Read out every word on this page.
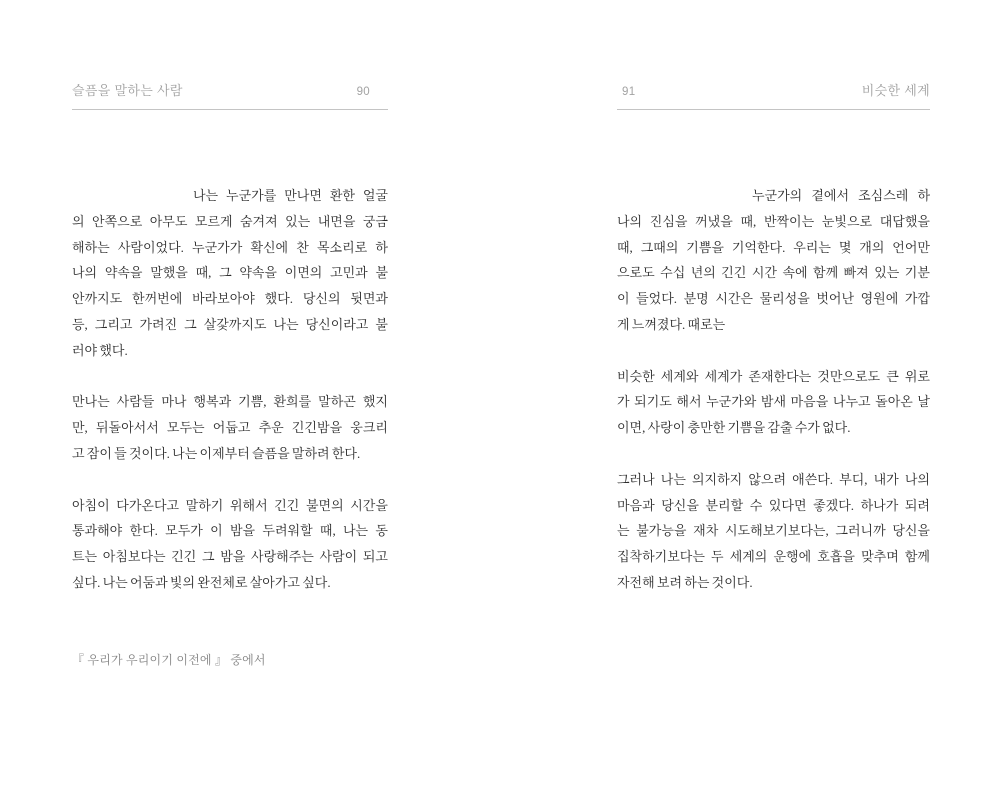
슬픔을 말하는 사람	90
나는 누군가를 만나면 환한 얼굴
의 안쪽으로 아무도 모르게 숨겨져 있는 내면을 궁금
해하는 사람이었다. 누군가가 확신에 찬 목소리로 하
나의 약속을 말했을 때, 그 약속을 이면의 고민과 불
안까지도 한꺼번에 바라보아야 했다. 당신의 뒷면과
등, 그리고 가려진 그 살갗까지도 나는 당신이라고 불
러야 했다.
만나는 사람들 마나 행복과 기쁨, 환희를 말하곤 했지
만, 뒤돌아서서 모두는 어둡고 추운 긴긴밤을 웅크리
고 잠이 들 것이다. 나는 이제부터 슬픔을 말하려 한다.
아침이 다가온다고 말하기 위해서 긴긴 불면의 시간을
통과해야 한다. 모두가 이 밤을 두려워할 때, 나는 동
트는 아침보다는 긴긴 그 밤을 사랑해주는 사람이 되고
싶다. 나는 어둠과 빛의 완전체로 살아가고 싶다.
『 우리가 우리이기 이전에 』 중에서
91	비슷한 세계
누군가의 곁에서 조심스레 하
나의 진심을 꺼냈을 때, 반짝이는 눈빛으로 대답했을
때, 그때의 기쁨을 기억한다. 우리는 몇 개의 언어만
으로도 수십 년의 긴긴 시간 속에 함께 빠져 있는 기분
이 들었다. 분명 시간은 물리성을 벗어난 영원에 가깝
게 느껴졌다. 때로는
비슷한 세계와 세계가 존재한다는 것만으로도 큰 위로
가 되기도 해서 누군가와 밤새 마음을 나누고 돌아온 날
이면, 사랑이 충만한 기쁨을 감출 수가 없다.
그러나 나는 의지하지 않으려 애쓴다. 부디, 내가 나의
마음과 당신을 분리할 수 있다면 좋겠다. 하나가 되려
는 불가능을 재차 시도해보기보다는, 그러니까 당신을
집착하기보다는 두 세계의 운행에 호흡을 맞추며 함께
자전해 보려 하는 것이다.
